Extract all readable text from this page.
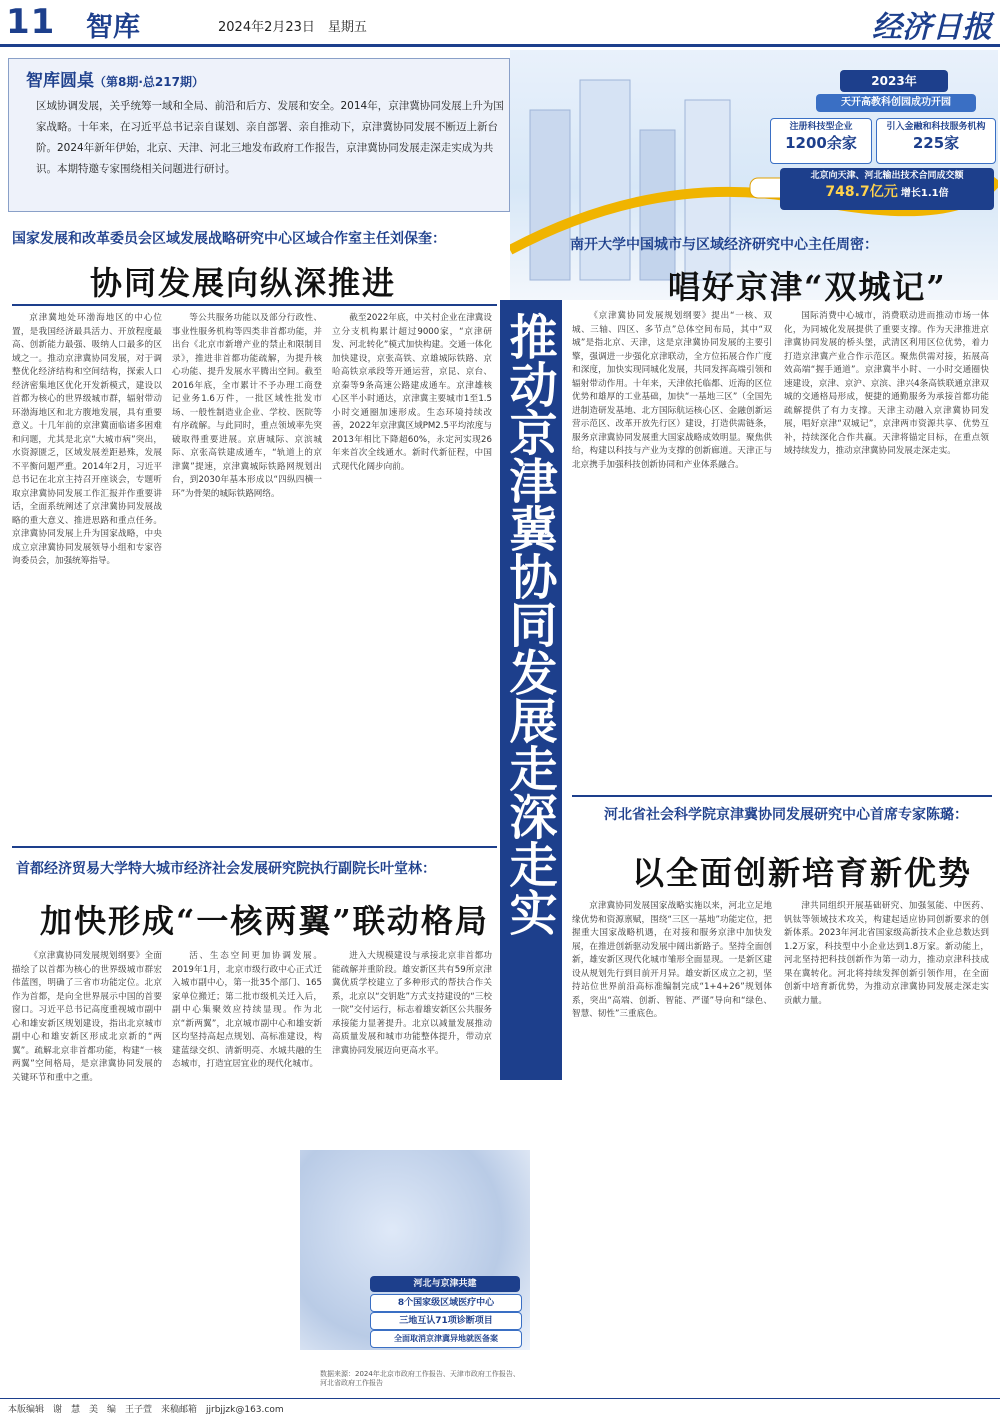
11 智库	2024年2月23日　星期五	经济日报
智库圆桌（第8期·总217期）
区域协调发展，关乎统筹一域和全局、前沿和后方、发展和安全。2014年，京津冀协同发展上升为国家战略。十年来，在习近平总书记亲自谋划、亲自部署、亲自推动下，京津冀协同发展不断迈上新台阶。2024年新年伊始，北京、天津、河北三地发布政府工作报告，京津冀协同发展走深走实成为共识。本期特邀专家围绕相关问题进行研讨。
2023年
天开高教科创园成功开园
注册科技型企业
1200余家
引入金融和科技服务机构
225家
北京向天津、河北输出技术合同成交额
748.7亿元 增长1.1倍
推动京津冀协同发展走深走实
国家发展和改革委员会区域发展战略研究中心区域合作室主任刘保奎：
协同发展向纵深推进

京津冀地处环渤海地区的中心位置，是我国经济最具活力、开放程度最高、创新能力最强、吸纳人口最多的区域之一。推动京津冀协同发展，对于调整优化经济结构和空间结构，探索人口经济密集地区优化开发新模式，建设以首都为核心的世界级城市群，辐射带动环渤海地区和北方腹地发展，具有重要意义。十几年前的京津冀面临诸多困难和问题，尤其是北京“大城市病”突出，水资源匮乏，区域发展差距悬殊，发展不平衡问题严重。2014年2月，习近平总书记在北京主持召开座谈会，专题听取京津冀协同发展工作汇报并作重要讲话，全面系统阐述了京津冀协同发展战略的重大意义、推进思路和重点任务。京津冀协同发展上升为国家战略，中央成立京津冀协同发展领导小组和专家咨询委员会，加强统筹指导。

等公共服务功能以及部分行政性、事业性服务机构等四类非首都功能，并出台《北京市新增产业的禁止和限制目录》，推进非首都功能疏解，为提升核心功能、提升发展水平腾出空间。截至2016年底，全市累计不予办理工商登记业务1.6万件，一批区域性批发市场、一般性制造业企业、学校、医院等有序疏解。与此同时，重点领域率先突破取得重要进展。京唐城际、京滨城际、京张高铁建成通车，“轨道上的京津冀”提速，京津冀城际铁路网规划出台，到2030年基本形成以“四纵四横一环”为骨架的城际铁路网络。

截至2022年底，中关村企业在津冀设立分支机构累计超过9000家，“京津研发、河北转化”模式加快构建。交通一体化加快建设，京张高铁、京雄城际铁路、京哈高铁京承段等开通运营，京昆、京台、京秦等9条高速公路建成通车。京津雄核心区半小时通达，京津冀主要城市1至1.5小时交通圈加速形成。生态环境持续改善，2022年京津冀区域PM2.5平均浓度与2013年相比下降超60%，永定河实现26年来首次全线通水。新时代新征程，中国式现代化阔步向前。

南开大学中国城市与区域经济研究中心主任周密：
唱好京津“双城记”

《京津冀协同发展规划纲要》提出“一核、双城、三轴、四区、多节点”总体空间布局，其中“双城”是指北京、天津，这是京津冀协同发展的主要引擎，强调进一步强化京津联动，全方位拓展合作广度和深度，加快实现同城化发展，共同发挥高端引领和辐射带动作用。十年来，天津依托临都、近海的区位优势和雄厚的工业基础，加快“一基地三区”（全国先进制造研发基地、北方国际航运核心区、金融创新运营示范区、改革开放先行区）建设，打造供需链条，服务京津冀协同发展重大国家战略成效明显。聚焦供给，构建以科技与产业为支撑的创新廊道。天津正与北京携手加强科技创新协同和产业体系融合。

国际消费中心城市，消费联动进而推动市场一体化，为同城化发展提供了重要支撑。作为天津推进京津冀协同发展的桥头堡，武清区利用区位优势，着力打造京津冀产业合作示范区。聚焦供需对接，拓展高效高端“握手通道”。京津冀半小时、一小时交通圈快速建设，京津、京沪、京滨、津兴4条高铁联通京津双城的交通格局形成，便捷的通勤服务为承接首都功能疏解提供了有力支撑。天津主动融入京津冀协同发展，唱好京津“双城记”，京津两市资源共享、优势互补，持续深化合作共赢。天津将锚定目标，在重点领域持续发力，推动京津冀协同发展走深走实。

首都经济贸易大学特大城市经济社会发展研究院执行副院长叶堂林：
加快形成“一核两翼”联动格局

《京津冀协同发展规划纲要》全面描绘了以首都为核心的世界级城市群宏伟蓝图，明确了三省市功能定位。北京作为首都，是向全世界展示中国的首要窗口。习近平总书记高度重视城市副中心和雄安新区规划建设，指出北京城市副中心和雄安新区形成北京新的“两翼”。疏解北京非首都功能，构建“一核两翼”空间格局，是京津冀协同发展的关键环节和重中之重。

活、生态空间更加协调发展。2019年1月，北京市级行政中心正式迁入城市副中心，第一批35个部门、165家单位搬迁；第二批市级机关迁入后，副中心集聚效应持续显现。作为北京“新两翼”，北京城市副中心和雄安新区均坚持高起点规划、高标准建设，构建蓝绿交织、清新明亮、水城共融的生态城市，打造宜居宜业的现代化城市。

进入大规模建设与承接北京非首都功能疏解并重阶段。雄安新区共有59所京津冀优质学校建立了多种形式的帮扶合作关系，北京以“交钥匙”方式支持建设的“三校一院”交付运行，标志着雄安新区公共服务承接能力显著提升。北京以减量发展推动高质量发展和城市功能整体提升，带动京津冀协同发展迈向更高水平。

河北与京津共建
8个国家级区域医疗中心
三地互认71项诊断项目
全面取消京津冀异地就医备案
数据来源：2024年北京市政府工作报告、天津市政府工作报告、河北省政府工作报告
河北省社会科学院京津冀协同发展研究中心首席专家陈璐：
以全面创新培育新优势

京津冀协同发展国家战略实施以来，河北立足地缘优势和资源禀赋，围绕“三区一基地”功能定位，把握重大国家战略机遇，在对接和服务京津中加快发展，在推进创新驱动发展中阔出新路子。坚持全面创新，雄安新区现代化城市雏形全面显现。一是新区建设从规划先行到目前开月异。雄安新区成立之初，坚持站位世界前沿高标准编制完成“1+4+26”规划体系，突出“高端、创新、智能、严谨”导向和“绿色、智慧、韧性”三重底色。

津共同组织开展基础研究、加强氢能、中医药、钒钛等领域技术攻关，构建起适应协同创新要求的创新体系。2023年河北省国家级高新技术企业总数达到1.2万家，科技型中小企业达到1.8万家。新动能上，河北坚持把科技创新作为第一动力，推动京津科技成果在冀转化。河北将持续发挥创新引领作用，在全面创新中培育新优势，为推动京津冀协同发展走深走实贡献力量。

本版编辑　谢　慧　美　编　王子萱　来稿邮箱　jjrbjjzk@163.com
